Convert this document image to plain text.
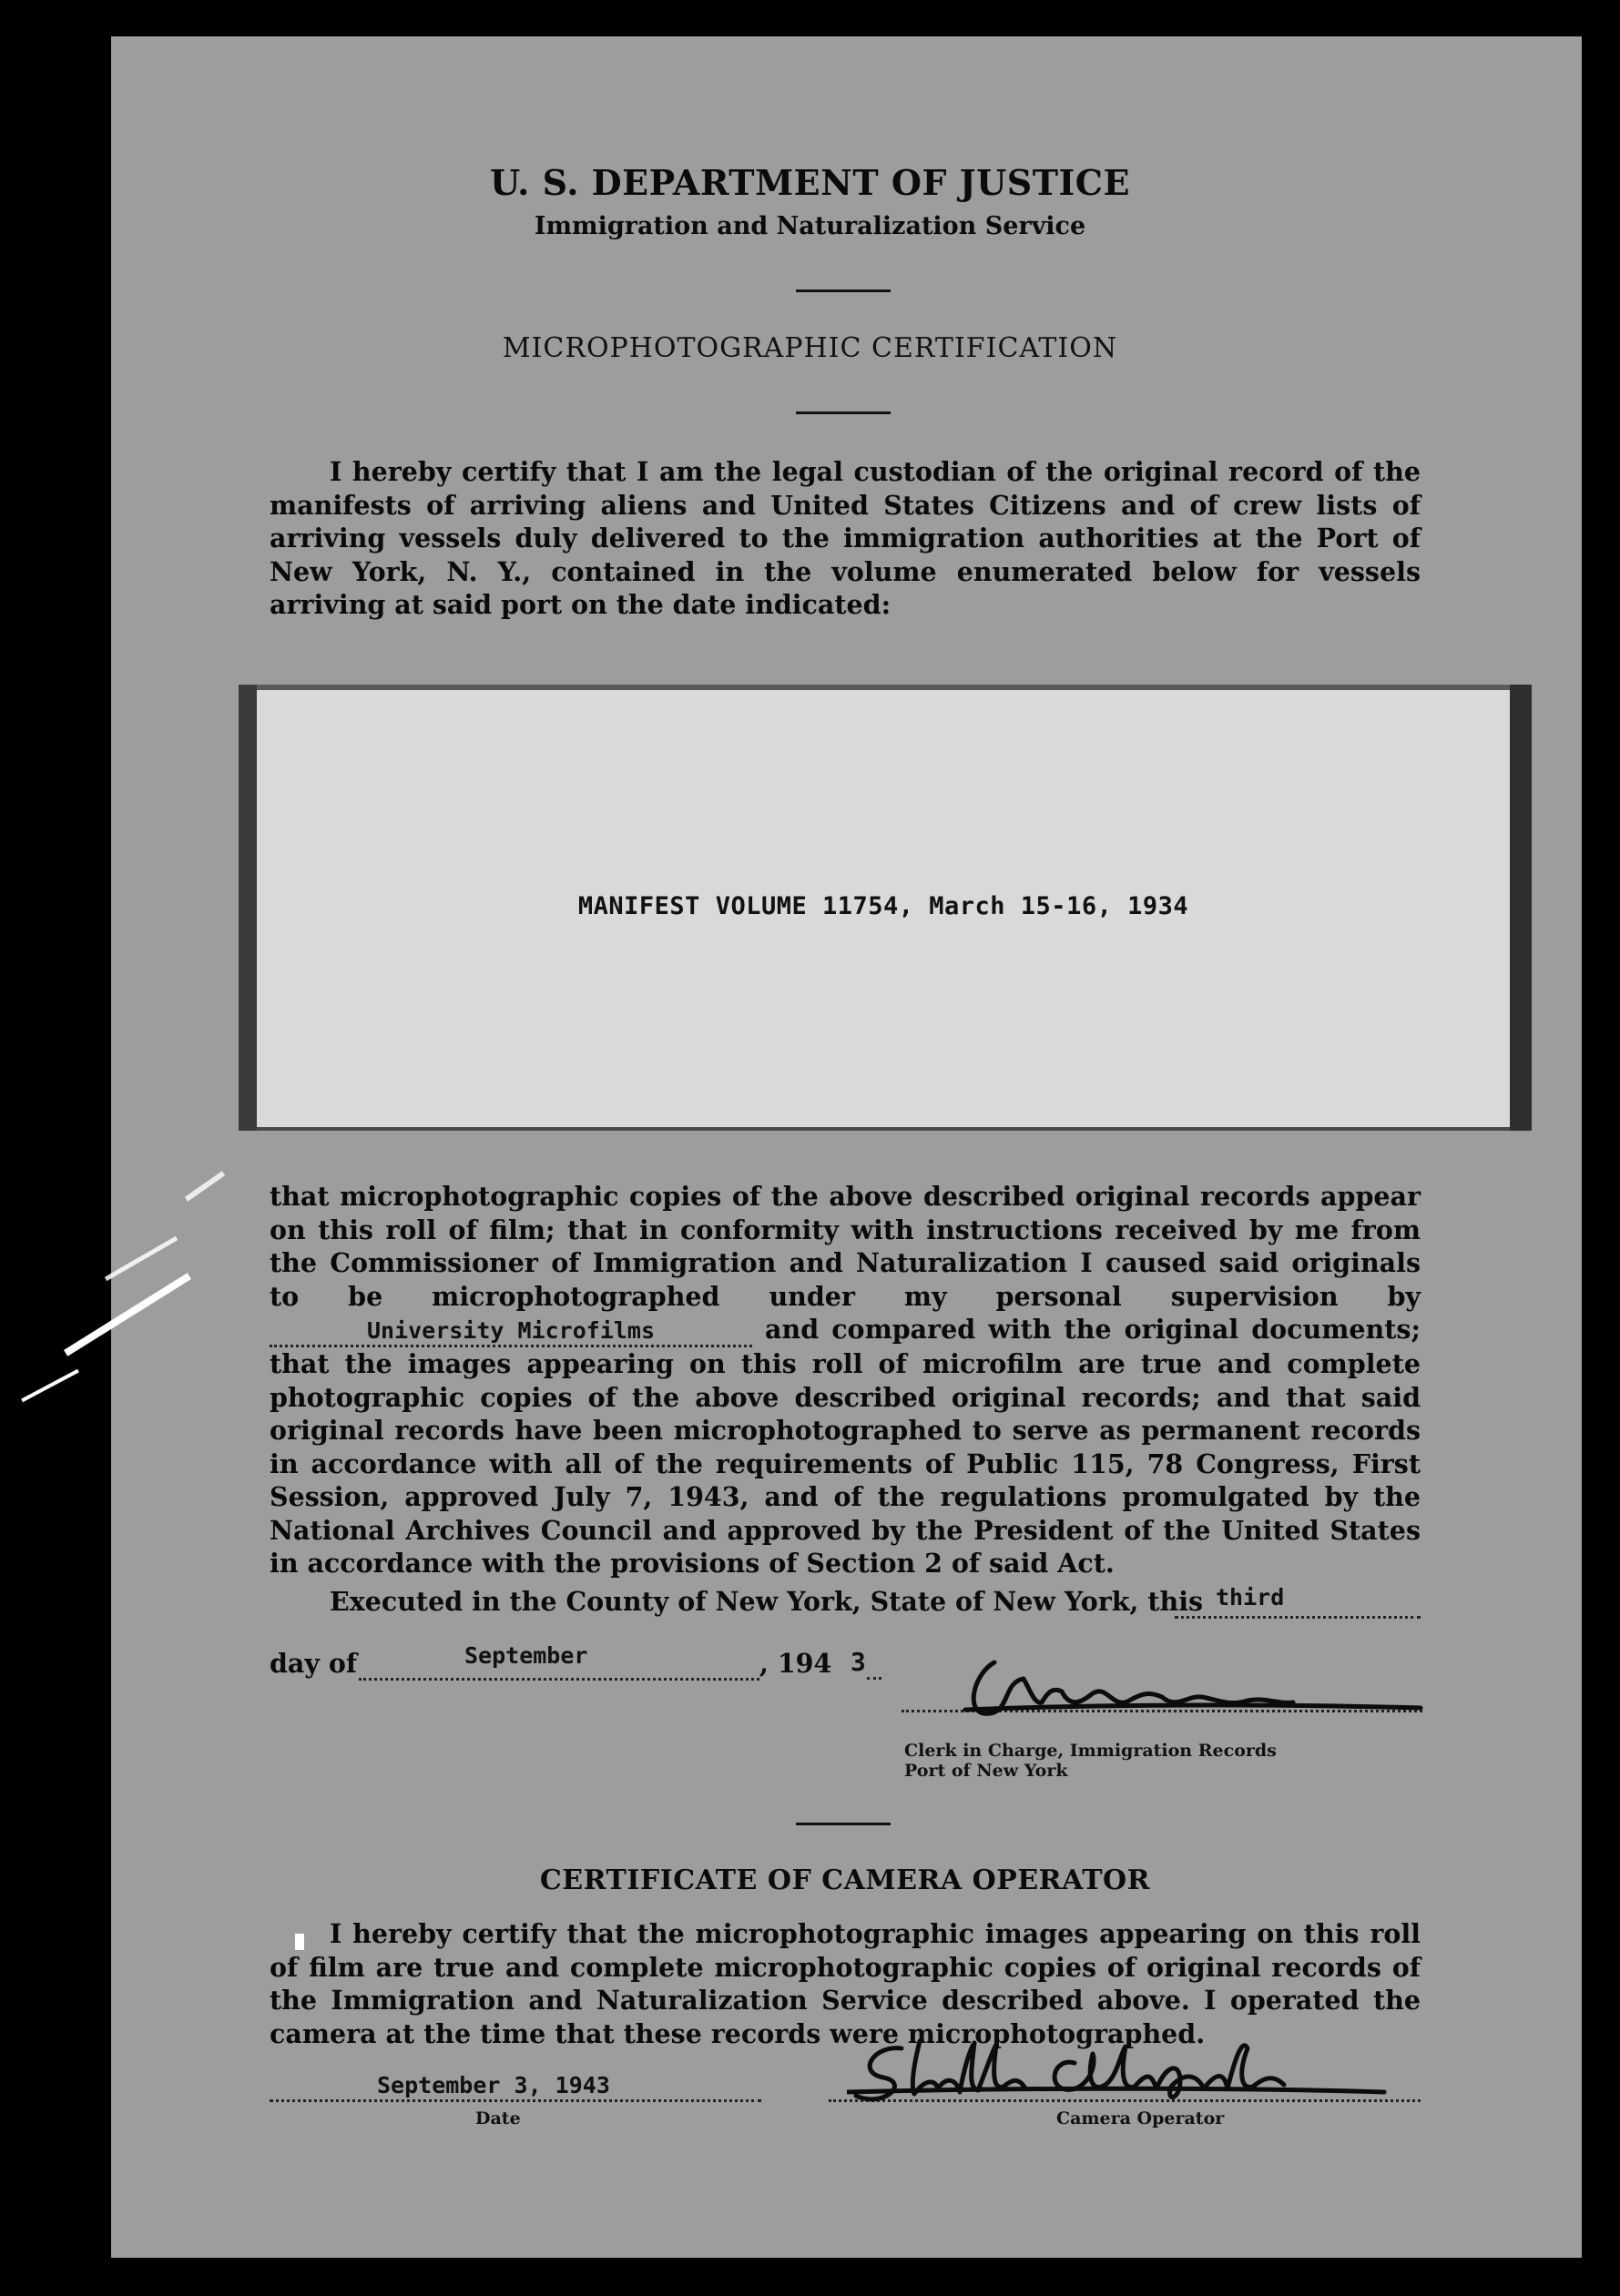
U. S. DEPARTMENT OF JUSTICE
Immigration and Naturalization Service
MICROPHOTOGRAPHIC CERTIFICATION

I hereby certify that I am the legal custodian of the original record of the manifests of arriving aliens and United States Citizens and of crew lists of arriving vessels duly delivered to the immigration authorities at the Port of New York, N. Y., contained in the volume enumerated below for vessels arriving at said port on the date indicated:

MANIFEST VOLUME 11754, March 15-16, 1934
that microphotographic copies of the above described original records appear on this roll of film; that in conformity with instructions received by me from the Commissioner of Immigration and Naturalization I caused said originals to be microphotographed under my personal supervision by University Microfilms	and compared with the original documents; that the images appearing on this roll of microfilm are true and complete photographic copies of the above described original records; and that said original records have been microphotographed to serve as permanent records in accordance with all of the requirements of Public 115, 78 Congress, First Session, approved July 7, 1943, and of the regulations promulgated by the National Archives Council and approved by the President of the United States in accordance with the provisions of Section 2 of said Act.
Executed in the County of New York, State of New York, this third
day of	September	, 194 3
Clerk in Charge, Immigration Records
Port of New York
CERTIFICATE OF CAMERA OPERATOR

I hereby certify that the microphotographic images appearing on this roll of film are true and complete microphotographic copies of original records of the Immigration and Naturalization Service described above. I operated the camera at the time that these records were microphotographed.

September 3, 1943
Date	Camera Operator
